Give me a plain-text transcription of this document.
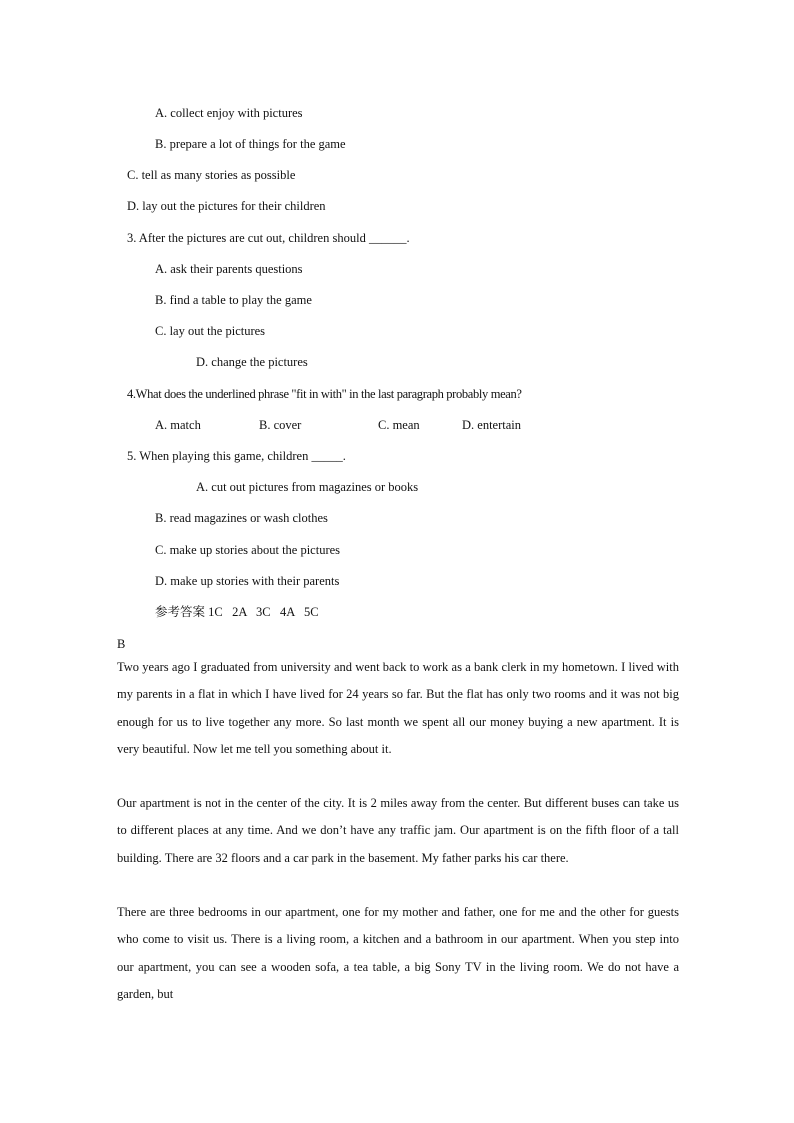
A. collect enjoy with pictures
B. prepare a lot of things for the game
C. tell as many stories as possible
D. lay out the pictures for their children
3. After the pictures are cut out, children should ______.
A. ask their parents questions
B. find a table to play the game
C. lay out the pictures
D. change the pictures
4.What does the underlined phrase "fit in with" in the last paragraph probably mean?

A. match

	B. cover

	C. mean

	D. entertain

5. When playing this game, children _____.
A. cut out pictures from magazines or books
B. read magazines or wash clothes
C. make up stories about the pictures
D. make up stories with their parents
参考答案 1C   2A   3C   4A   5C
B
Two years ago I graduated from university and went back to work as a bank clerk in my hometown. I lived with my parents in a flat in which I have lived for 24 years so far. But the flat has only two rooms and it was not big enough for us to live together any more. So last month we spent all our money buying a new apartment. It is very beautiful. Now let me tell you something about it.
Our apartment is not in the center of the city. It is 2 miles away from the center. But different buses can take us to different places at any time. And we don’t have any traffic jam. Our apartment is on the fifth floor of a tall building. There are 32 floors and a car park in the basement. My father parks his car there.
There are three bedrooms in our apartment, one for my mother and father, one for me and the other for guests who come to visit us. There is a living room, a kitchen and a bathroom in our apartment. When you step into our apartment, you can see a wooden sofa, a tea table, a big Sony TV in the living room. We do not have a garden, but
